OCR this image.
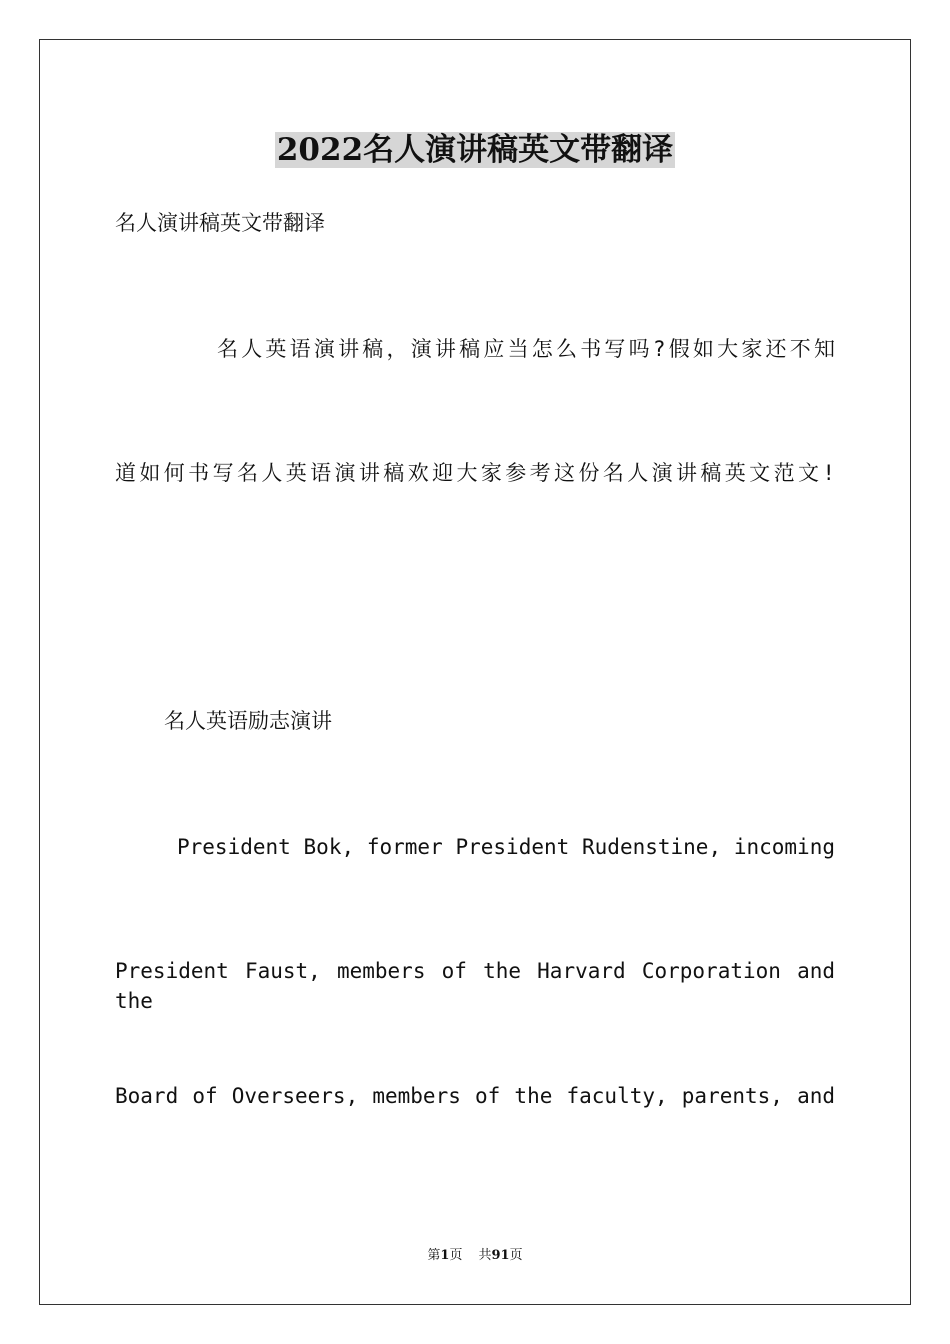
2022名人演讲稿英文带翻译
名人演讲稿英文带翻译
名人英语演讲稿，演讲稿应当怎么书写吗?假如大家还不知
道如何书写名人英语演讲稿欢迎大家参考这份名人演讲稿英文范文!
名人英语励志演讲
President Bok, former President Rudenstine, incoming
President Faust, members of the Harvard Corporation and the
Board of Overseers, members of the faculty, parents, and
第1页 共91页
